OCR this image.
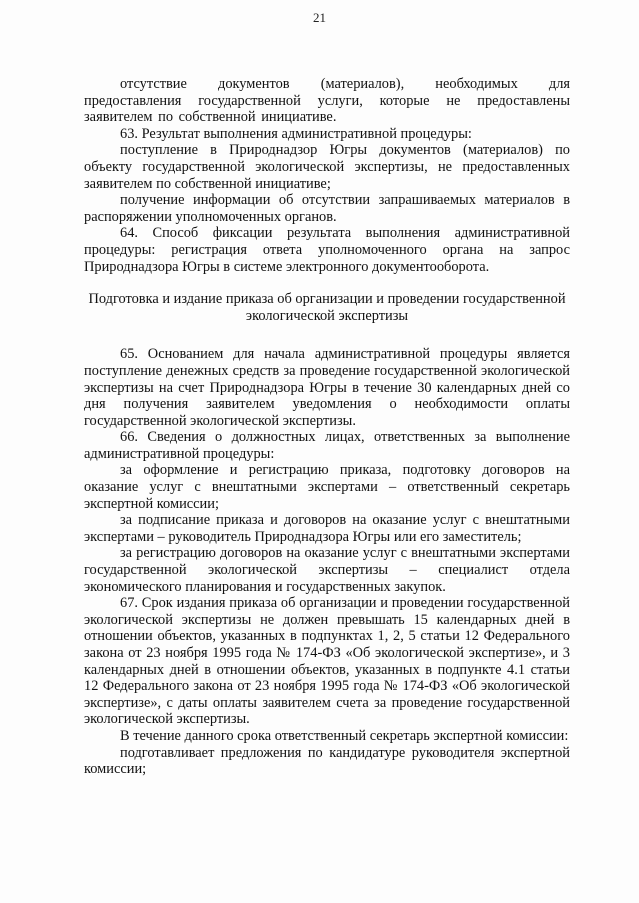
21

отсутствие документов (материалов), необходимых для предоставления государственной услуги, которые не предоставлены заявителем по собственной инициативе.

63. Результат выполнения административной процедуры:

поступление в Природнадзор Югры документов (материалов) по объекту государственной экологической экспертизы, не предоставленных заявителем по собственной инициативе;

получение информации об отсутствии запрашиваемых материалов в распоряжении уполномоченных органов.

64. Способ фиксации результата выполнения административной процедуры: регистрация ответа уполномоченного органа на запрос Природнадзора Югры в системе электронного документооборота.

Подготовка и издание приказа об организации и проведении государственной экологической экспертизы

65. Основанием для начала административной процедуры является поступление денежных средств за проведение государственной экологической экспертизы на счет Природнадзора Югры в течение 30 календарных дней со дня получения заявителем уведомления о необходимости оплаты государственной экологической экспертизы.

66. Сведения о должностных лицах, ответственных за выполнение административной процедуры:

за оформление и регистрацию приказа, подготовку договоров на оказание услуг с внештатными экспертами – ответственный секретарь экспертной комиссии;

за подписание приказа и договоров на оказание услуг с внештатными экспертами – руководитель Природнадзора Югры или его заместитель;

за регистрацию договоров на оказание услуг с внештатными экспертами государственной экологической экспертизы – специалист отдела экономического планирования и государственных закупок.

67. Срок издания приказа об организации и проведении государственной экологической экспертизы не должен превышать 15 календарных дней в отношении объектов, указанных в подпунктах 1, 2, 5 статьи 12 Федерального закона от 23 ноября 1995 года № 174-ФЗ «Об экологической экспертизе», и 3 календарных дней в отношении объектов, указанных в подпункте 4.1 статьи 12 Федерального закона от 23 ноября 1995 года № 174-ФЗ «Об экологической экспертизе», с даты оплаты заявителем счета за проведение государственной экологической экспертизы.

В течение данного срока ответственный секретарь экспертной комиссии:

подготавливает предложения по кандидатуре руководителя экспертной комиссии;
